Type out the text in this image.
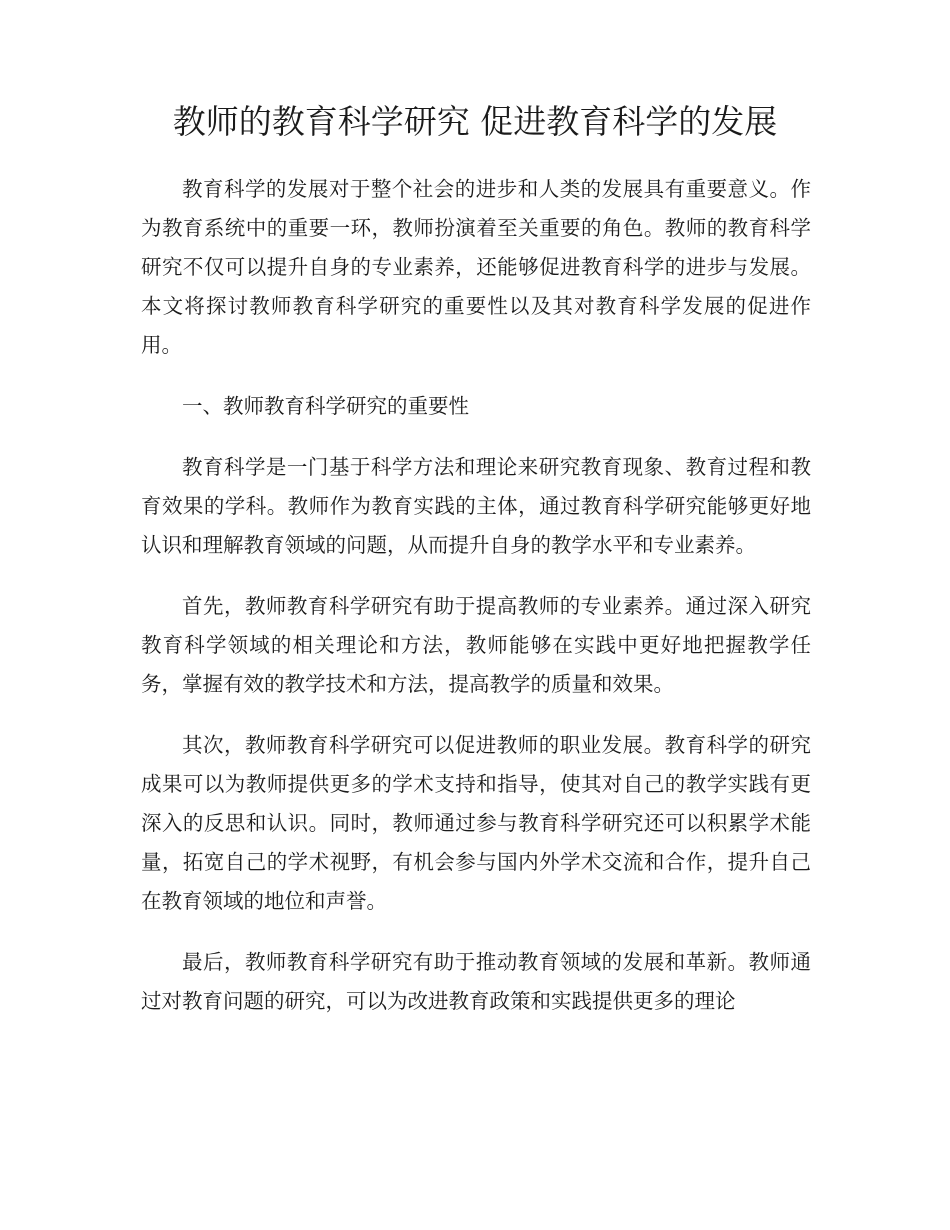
教师的教育科学研究 促进教育科学的发展

教育科学的发展对于整个社会的进步和人类的发展具有重要意义。作为教育系统中的重要一环，教师扮演着至关重要的角色。教师的教育科学研究不仅可以提升自身的专业素养，还能够促进教育科学的进步与发展。本文将探讨教师教育科学研究的重要性以及其对教育科学发展的促进作用。

一、教师教育科学研究的重要性

教育科学是一门基于科学方法和理论来研究教育现象、教育过程和教育效果的学科。教师作为教育实践的主体，通过教育科学研究能够更好地认识和理解教育领域的问题，从而提升自身的教学水平和专业素养。

首先，教师教育科学研究有助于提高教师的专业素养。通过深入研究教育科学领域的相关理论和方法，教师能够在实践中更好地把握教学任务，掌握有效的教学技术和方法，提高教学的质量和效果。

其次，教师教育科学研究可以促进教师的职业发展。教育科学的研究成果可以为教师提供更多的学术支持和指导，使其对自己的教学实践有更深入的反思和认识。同时，教师通过参与教育科学研究还可以积累学术能量，拓宽自己的学术视野，有机会参与国内外学术交流和合作，提升自己在教育领域的地位和声誉。

最后，教师教育科学研究有助于推动教育领域的发展和革新。教师通过对教育问题的研究，可以为改进教育政策和实践提供更多的理论
